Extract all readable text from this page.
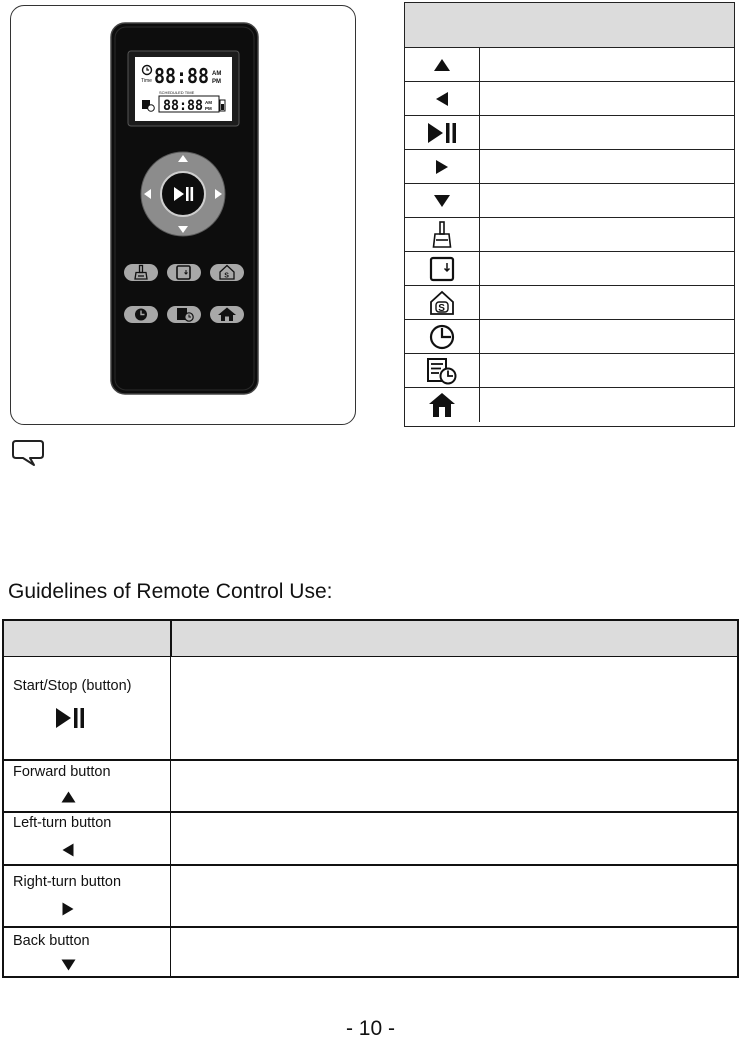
Time 88:88 AM
PM
SCHEDULED TIME
88:88 AM
PM
S
S
Guidelines of Remote Control Use:
Start/Stop (button)
Forward button
Left-turn button
Right-turn button
Back button
- 10 -
